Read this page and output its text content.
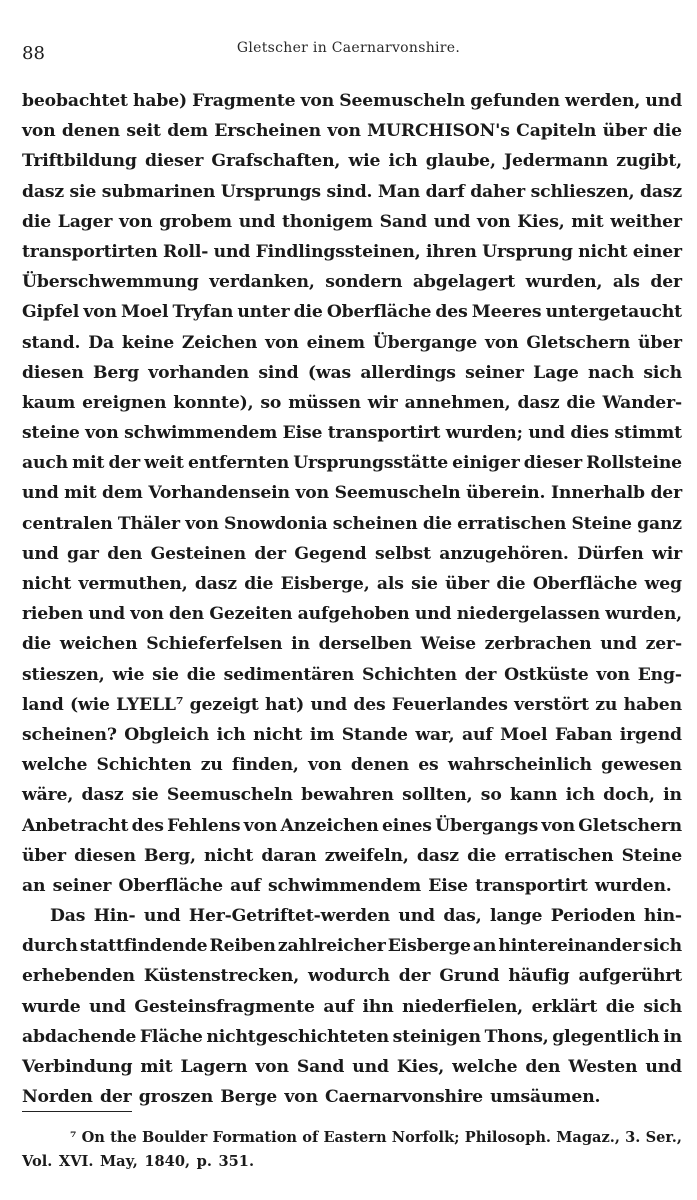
88	Gletscher in Caernarvonshire.
beobachtet habe) Fragmente von Seemuscheln gefunden werden, und
von denen seit dem Erscheinen von MURCHISON's Capiteln über die
Triftbildung dieser Grafschaften, wie ich glaube, Jedermann zugibt,
dasz sie submarinen Ursprungs sind. Man darf daher schlieszen, dasz
die Lager von grobem und thonigem Sand und von Kies, mit weither
transportirten Roll- und Findlingssteinen, ihren Ursprung nicht einer
Überschwemmung verdanken, sondern abgelagert wurden, als der
Gipfel von Moel Tryfan unter die Oberfläche des Meeres untergetaucht
stand. Da keine Zeichen von einem Übergange von Gletschern über
diesen Berg vorhanden sind (was allerdings seiner Lage nach sich
kaum ereignen konnte), so müssen wir annehmen, dasz die Wander-
steine von schwimmendem Eise transportirt wurden; und dies stimmt
auch mit der weit entfernten Ursprungsstätte einiger dieser Rollsteine
und mit dem Vorhandensein von Seemuscheln überein. Innerhalb der
centralen Thäler von Snowdonia scheinen die erratischen Steine ganz
und gar den Gesteinen der Gegend selbst anzugehören. Dürfen wir
nicht vermuthen, dasz die Eisberge, als sie über die Oberfläche weg
rieben und von den Gezeiten aufgehoben und niedergelassen wurden,
die weichen Schieferfelsen in derselben Weise zerbrachen und zer-
stieszen, wie sie die sedimentären Schichten der Ostküste von Eng-
land (wie LYELL⁷ gezeigt hat) und des Feuerlandes verstört zu haben
scheinen? Obgleich ich nicht im Stande war, auf Moel Faban irgend
welche Schichten zu finden, von denen es wahrscheinlich gewesen
wäre, dasz sie Seemuscheln bewahren sollten, so kann ich doch, in
Anbetracht des Fehlens von Anzeichen eines Übergangs von Gletschern
über diesen Berg, nicht daran zweifeln, dasz die erratischen Steine
an seiner Oberfläche auf schwimmendem Eise transportirt wurden.
Das Hin- und Her-Getriftet-werden und das, lange Perioden hin-
durch stattfindende Reiben zahlreicher Eisberge an hintereinander sich
erhebenden Küstenstrecken, wodurch der Grund häufig aufgerührt
wurde und Gesteinsfragmente auf ihn niederfielen, erklärt die sich
abdachende Fläche nichtgeschichteten steinigen Thons, glegentlich in
Verbindung mit Lagern von Sand und Kies, welche den Westen und
Norden der groszen Berge von Caernarvonshire umsäumen.
⁷ On the Boulder Formation of Eastern Norfolk; Philosoph. Magaz., 3. Ser.,
Vol. XVI. May, 1840, p. 351.
